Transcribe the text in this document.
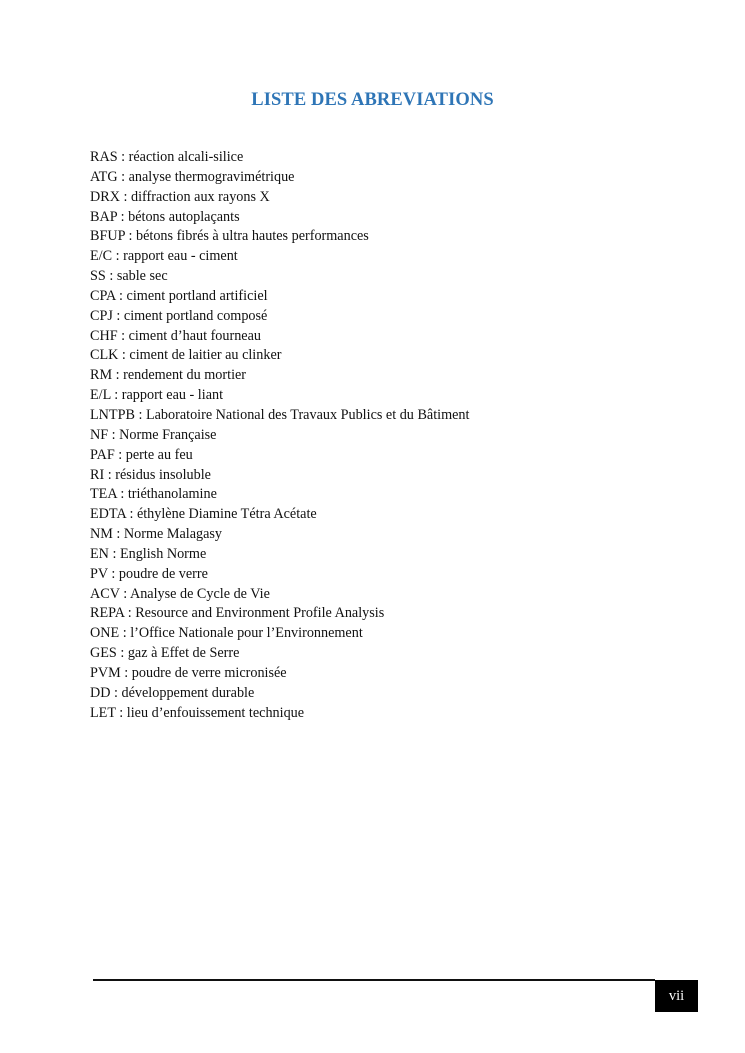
LISTE DES ABREVIATIONS
RAS : réaction alcali-silice
ATG : analyse thermogravimétrique
DRX : diffraction aux rayons X
BAP : bétons autoplaçants
BFUP : bétons fibrés à ultra hautes performances
E/C : rapport eau - ciment
SS : sable sec
CPA : ciment portland artificiel
CPJ : ciment portland composé
CHF : ciment d’haut fourneau
CLK : ciment de laitier au clinker
RM : rendement du mortier
E/L : rapport eau - liant
LNTPB : Laboratoire National des Travaux Publics et du Bâtiment
NF : Norme Française
PAF : perte au feu
RI : résidus insoluble
TEA : triéthanolamine
EDTA : éthylène Diamine Tétra Acétate
NM : Norme Malagasy
EN : English Norme
PV : poudre de verre
ACV : Analyse de Cycle de Vie
REPA : Resource and Environment Profile Analysis
ONE : l’Office Nationale pour l’Environnement
GES : gaz à Effet de Serre
PVM : poudre de verre micronisée
DD : développement durable
LET : lieu d’enfouissement technique
vii
